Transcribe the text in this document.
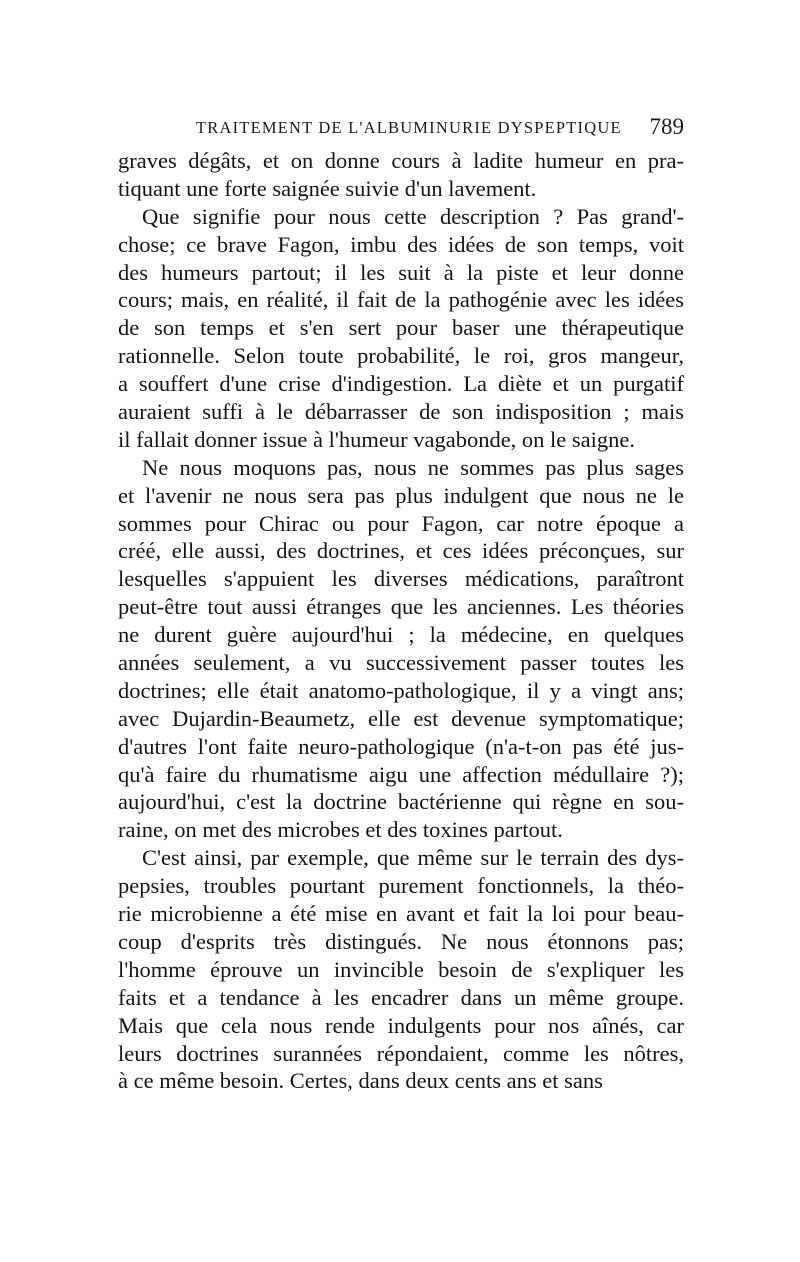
TRAITEMENT DE L'ALBUMINURIE DYSPEPTIQUE 789
graves dégâts, et on donne cours à ladite humeur en pra-
tiquant une forte saignée suivie d'un lavement.
Que signifie pour nous cette description ? Pas grand'-
chose; ce brave Fagon, imbu des idées de son temps, voit
des humeurs partout; il les suit à la piste et leur donne
cours; mais, en réalité, il fait de la pathogénie avec les idées
de son temps et s'en sert pour baser une thérapeutique
rationnelle. Selon toute probabilité, le roi, gros mangeur,
a souffert d'une crise d'indigestion. La diète et un purgatif
auraient suffi à le débarrasser de son indisposition ; mais
il fallait donner issue à l'humeur vagabonde, on le saigne.
Ne nous moquons pas, nous ne sommes pas plus sages
et l'avenir ne nous sera pas plus indulgent que nous ne le
sommes pour Chirac ou pour Fagon, car notre époque a
créé, elle aussi, des doctrines, et ces idées préconçues, sur
lesquelles s'appuient les diverses médications, paraîtront
peut-être tout aussi étranges que les anciennes. Les théories
ne durent guère aujourd'hui ; la médecine, en quelques
années seulement, a vu successivement passer toutes les
doctrines; elle était anatomo-pathologique, il y a vingt ans;
avec Dujardin-Beaumetz, elle est devenue symptomatique;
d'autres l'ont faite neuro-pathologique (n'a-t-on pas été jus-
qu'à faire du rhumatisme aigu une affection médullaire ?);
aujourd'hui, c'est la doctrine bactérienne qui règne en sou-
raine, on met des microbes et des toxines partout.
C'est ainsi, par exemple, que même sur le terrain des dys-
pepsies, troubles pourtant purement fonctionnels, la théo-
rie microbienne a été mise en avant et fait la loi pour beau-
coup d'esprits très distingués. Ne nous étonnons pas;
l'homme éprouve un invincible besoin de s'expliquer les
faits et a tendance à les encadrer dans un même groupe.
Mais que cela nous rende indulgents pour nos aînés, car
leurs doctrines surannées répondaient, comme les nôtres,
à ce même besoin. Certes, dans deux cents ans et sans
